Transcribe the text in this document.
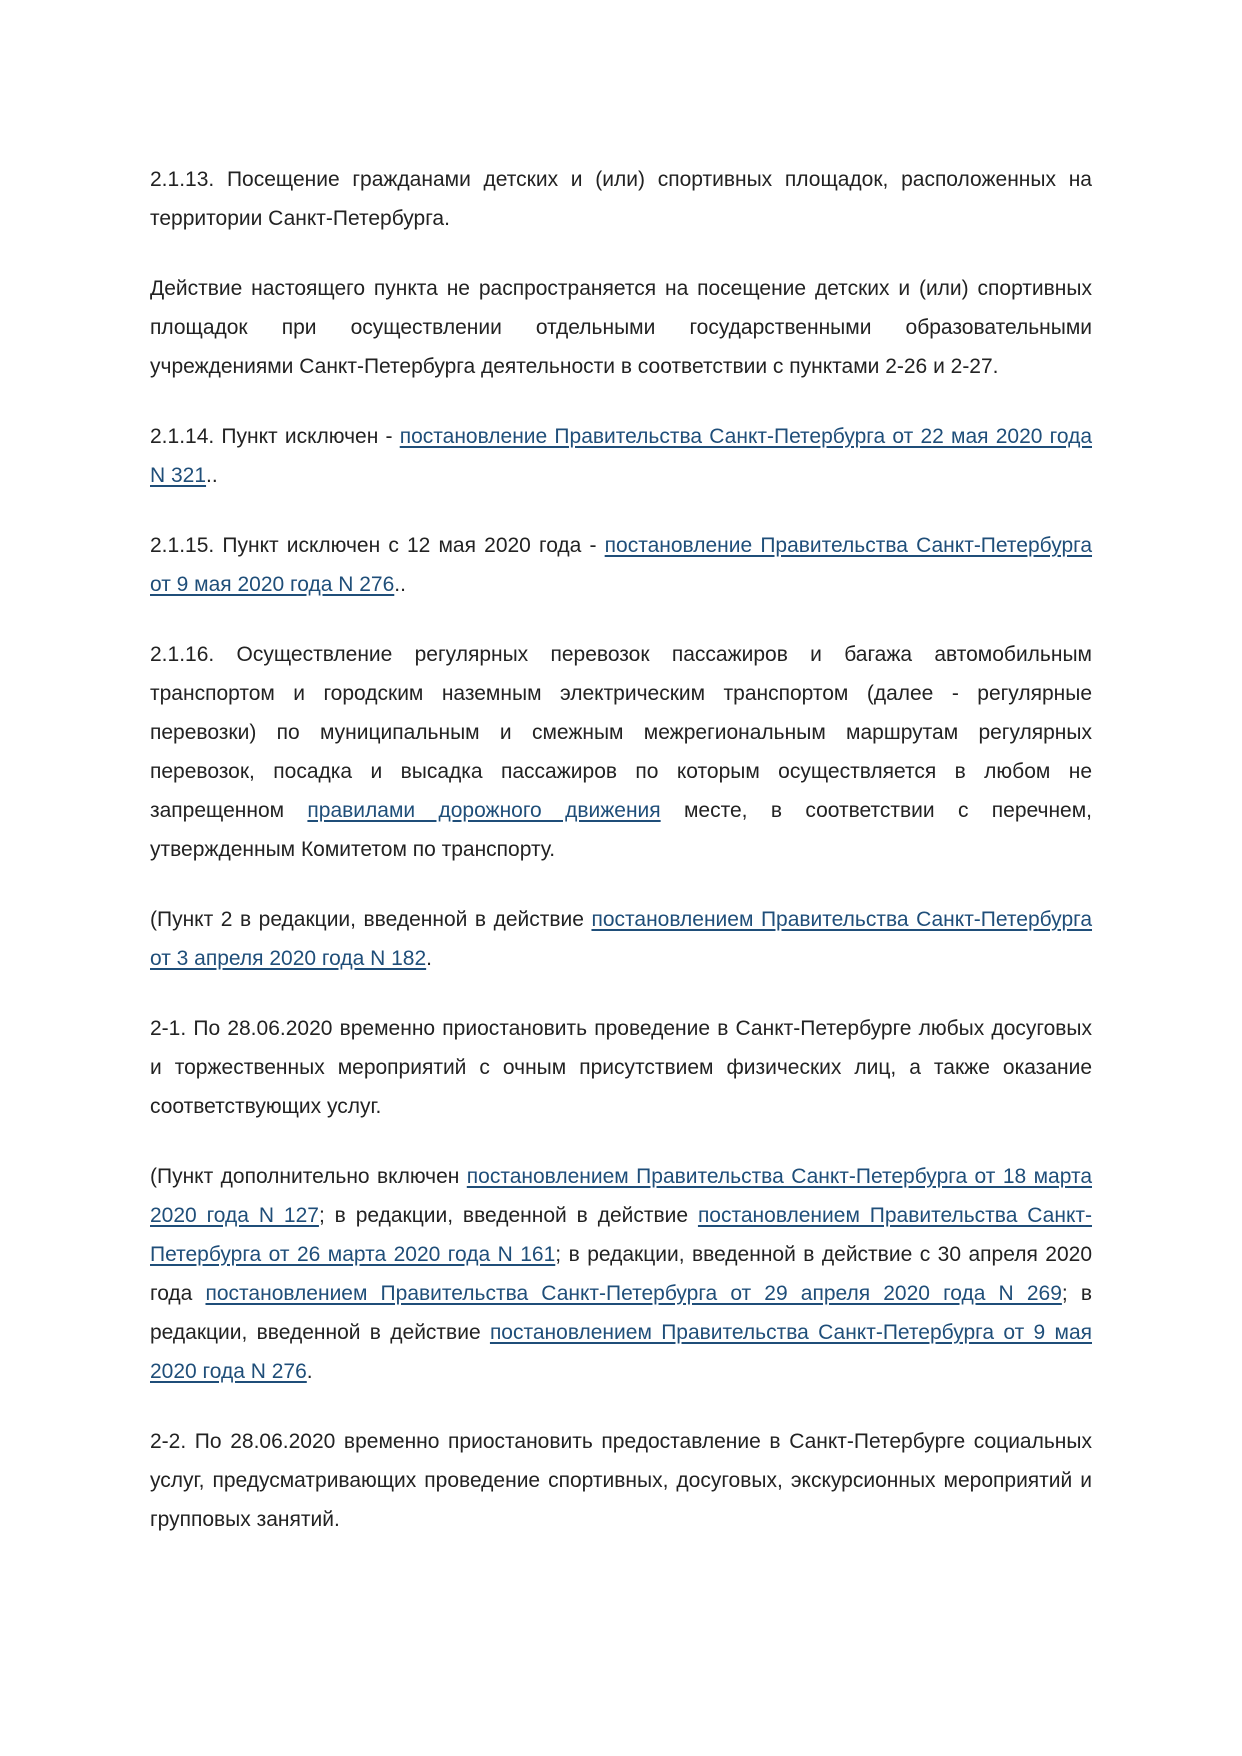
2.1.13. Посещение гражданами детских и (или) спортивных площадок, расположенных на территории Санкт-Петербурга.

Действие настоящего пункта не распространяется на посещение детских и (или) спортивных площадок при осуществлении отдельными государственными образовательными учреждениями Санкт-Петербурга деятельности в соответствии с пунктами 2-26 и 2-27.

2.1.14. Пункт исключен - постановление Правительства Санкт-Петербурга от 22 мая 2020 года N 321..

2.1.15. Пункт исключен с 12 мая 2020 года - постановление Правительства Санкт-Петербурга от 9 мая 2020 года N 276..

2.1.16. Осуществление регулярных перевозок пассажиров и багажа автомобильным транспортом и городским наземным электрическим транспортом (далее - регулярные перевозки) по муниципальным и смежным межрегиональным маршрутам регулярных перевозок, посадка и высадка пассажиров по которым осуществляется в любом не запрещенном правилами дорожного движения месте, в соответствии с перечнем, утвержденным Комитетом по транспорту.

(Пункт 2 в редакции, введенной в действие постановлением Правительства Санкт-Петербурга от 3 апреля 2020 года N 182.

2-1. По 28.06.2020 временно приостановить проведение в Санкт-Петербурге любых досуговых и торжественных мероприятий с очным присутствием физических лиц, а также оказание соответствующих услуг.

(Пункт дополнительно включен постановлением Правительства Санкт-Петербурга от 18 марта 2020 года N 127; в редакции, введенной в действие постановлением Правительства Санкт-Петербурга от 26 марта 2020 года N 161; в редакции, введенной в действие с 30 апреля 2020 года постановлением Правительства Санкт-Петербурга от 29 апреля 2020 года N 269; в редакции, введенной в действие постановлением Правительства Санкт-Петербурга от 9 мая 2020 года N 276.

2-2. По 28.06.2020 временно приостановить предоставление в Санкт-Петербурге социальных услуг, предусматривающих проведение спортивных, досуговых, экскурсионных мероприятий и групповых занятий.
